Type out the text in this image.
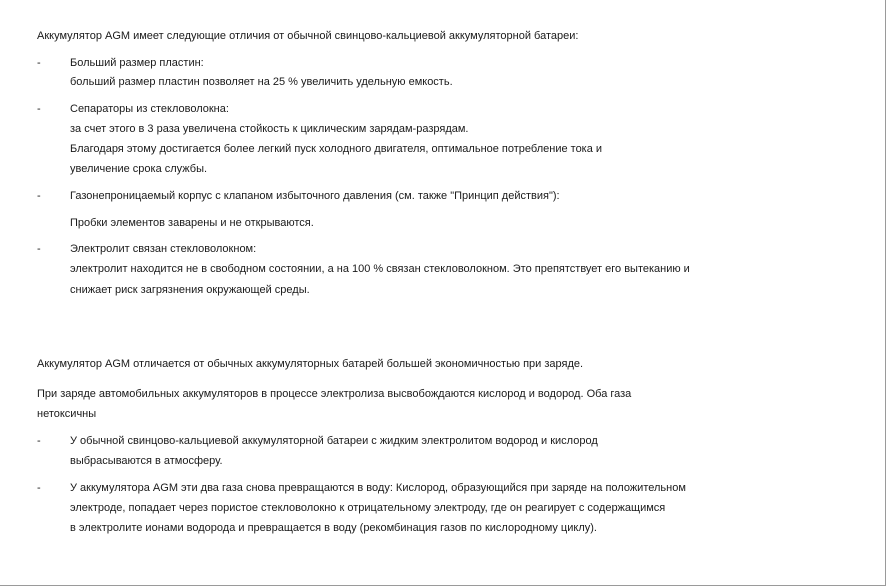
Аккумулятор AGM имеет следующие отличия от обычной свинцово-кальциевой аккумуляторной батареи:
-	Больший размер пластин:
больший размер пластин позволяет на 25 % увеличить удельную емкость.
-	Сепараторы из стекловолокна:
за счет этого в 3 раза увеличена стойкость к циклическим зарядам-разрядам.
Благодаря этому достигается более легкий пуск холодного двигателя, оптимальное потребление тока и
увеличение срока службы.
-	Газонепроницаемый корпус с клапаном избыточного давления (см. также "Принцип действия"):
Пробки элементов заварены и не открываются.
-	Электролит связан стекловолокном:
электролит находится не в свободном состоянии, а на 100 % связан стекловолокном. Это препятствует его вытеканию и
снижает риск загрязнения окружающей среды.
Аккумулятор AGM отличается от обычных аккумуляторных батарей большей экономичностью при заряде.
При заряде автомобильных аккумуляторов в процессе электролиза высвобождаются кислород и водород. Оба газа
нетоксичны
-	У обычной свинцово-кальциевой аккумуляторной батареи с жидким электролитом водород и кислород
выбрасываются в атмосферу.
-	У аккумулятора AGM эти два газа снова превращаются в воду: Кислород, образующийся при заряде на положительном
электроде, попадает через пористое стекловолокно к отрицательному электроду, где он реагирует с содержащимся
в электролите ионами водорода и превращается в воду (рекомбинация газов по кислородному циклу).
